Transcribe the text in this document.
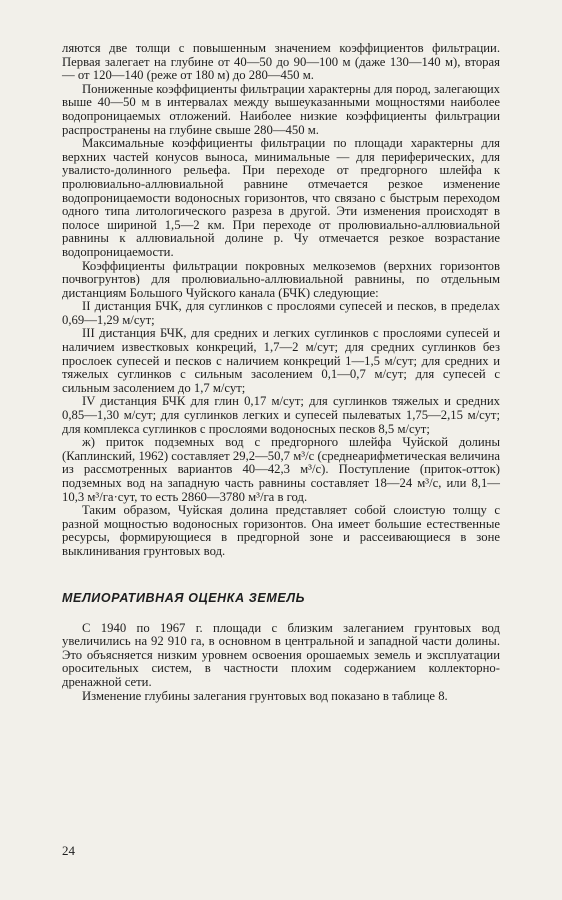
ляются две толщи с повышенным значением коэффициентов фильтрации. Первая залегает на глубине от 40—50 до 90—100 м (даже 130—140 м), вторая — от 120—140 (реже от 180 м) до 280—450 м.

Пониженные коэффициенты фильтрации характерны для пород, залегающих выше 40—50 м в интервалах между вышеуказанными мощностями наиболее водопроницаемых отложений. Наиболее низкие коэффициенты фильтрации распространены на глубине свыше 280—450 м.

Максимальные коэффициенты фильтрации по площади характерны для верхних частей конусов выноса, минимальные — для периферических, для увалисто-долинного рельефа. При переходе от предгорного шлейфа к пролювиально-аллювиальной равнине отмечается резкое изменение водопроницаемости водоносных горизонтов, что связано с быстрым переходом одного типа литологического разреза в другой. Эти изменения происходят в полосе шириной 1,5—2 км. При переходе от пролювиально-аллювиальной равнины к аллювиальной долине р. Чу отмечается резкое возрастание водопроницаемости.

Коэффициенты фильтрации покровных мелкоземов (верхних горизонтов почвогрунтов) для пролювиально-аллювиальной равнины, по отдельным дистанциям Большого Чуйского канала (БЧК) следующие:

II дистанция БЧК, для суглинков с прослоями супесей и песков, в пределах 0,69—1,29 м/сут;

III дистанция БЧК, для средних и легких суглинков с прослоями супесей и наличием известковых конкреций, 1,7—2 м/сут; для средних суглинков без прослоек супесей и песков с наличием конкреций 1—1,5 м/сут; для средних и тяжелых суглинков с сильным засолением 0,1—0,7 м/сут; для супесей с сильным засолением до 1,7 м/сут;

IV дистанция БЧК для глин 0,17 м/сут; для суглинков тяжелых и средних 0,85—1,30 м/сут; для суглинков легких и супесей пылеватых 1,75—2,15 м/сут; для комплекса суглинков с прослоями водоносных песков 8,5 м/сут;

ж) приток подземных вод с предгорного шлейфа Чуйской долины (Каплинский, 1962) составляет 29,2—50,7 м³/с (среднеарифметическая величина из рассмотренных вариантов 40—42,3 м³/с). Поступление (приток-отток) подземных вод на западную часть равнины составляет 18—24 м³/с, или 8,1—10,3 м³/га·сут, то есть 2860—3780 м³/га в год.

Таким образом, Чуйская долина представляет собой слоистую толщу с разной мощностью водоносных горизонтов. Она имеет большие естественные ресурсы, формирующиеся в предгорной зоне и рассеивающиеся в зоне выклинивания грунтовых вод.

МЕЛИОРАТИВНАЯ ОЦЕНКА ЗЕМЕЛЬ

С 1940 по 1967 г. площади с близким залеганием грунтовых вод увеличились на 92 910 га, в основном в центральной и западной части долины. Это объясняется низким уровнем освоения орошаемых земель и эксплуатации оросительных систем, в частности плохим содержанием коллекторно-дренажной сети.

Изменение глубины залегания грунтовых вод показано в таблице 8.

24
